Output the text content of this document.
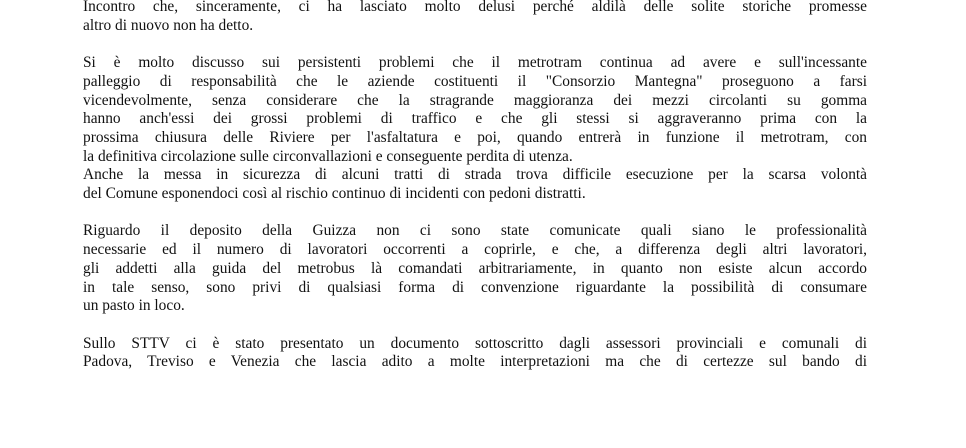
Incontro che, sinceramente, ci ha lasciato molto delusi perché aldilà delle solite storiche promesse
altro di nuovo non ha detto.
Si è molto discusso sui persistenti problemi che il metrotram continua ad avere e sull'incessante
palleggio di responsabilità che le aziende costituenti il "Consorzio Mantegna" proseguono a farsi
vicendevolmente, senza considerare che la stragrande maggioranza dei mezzi circolanti su gomma
hanno anch'essi dei grossi problemi di traffico e che gli stessi si aggraveranno prima con la
prossima chiusura delle Riviere per l'asfaltatura e poi, quando entrerà in funzione il metrotram, con
la definitiva circolazione sulle circonvallazioni e conseguente perdita di utenza.
Anche la messa in sicurezza di alcuni tratti di strada trova difficile esecuzione per la scarsa volontà
del Comune esponendoci così al rischio continuo di incidenti con pedoni distratti.
Riguardo il deposito della Guizza non ci sono state comunicate quali siano le professionalità
necessarie ed il numero di lavoratori occorrenti a coprirle, e che, a differenza degli altri lavoratori,
gli addetti alla guida del metrobus là comandati arbitrariamente, in quanto non esiste alcun accordo
in tale senso, sono privi di qualsiasi forma di convenzione riguardante la possibilità di consumare
un pasto in loco.
Sullo STTV ci è stato presentato un documento sottoscritto dagli assessori provinciali e comunali di
Padova, Treviso e Venezia che lascia adito a molte interpretazioni ma che di certezze sul bando di
